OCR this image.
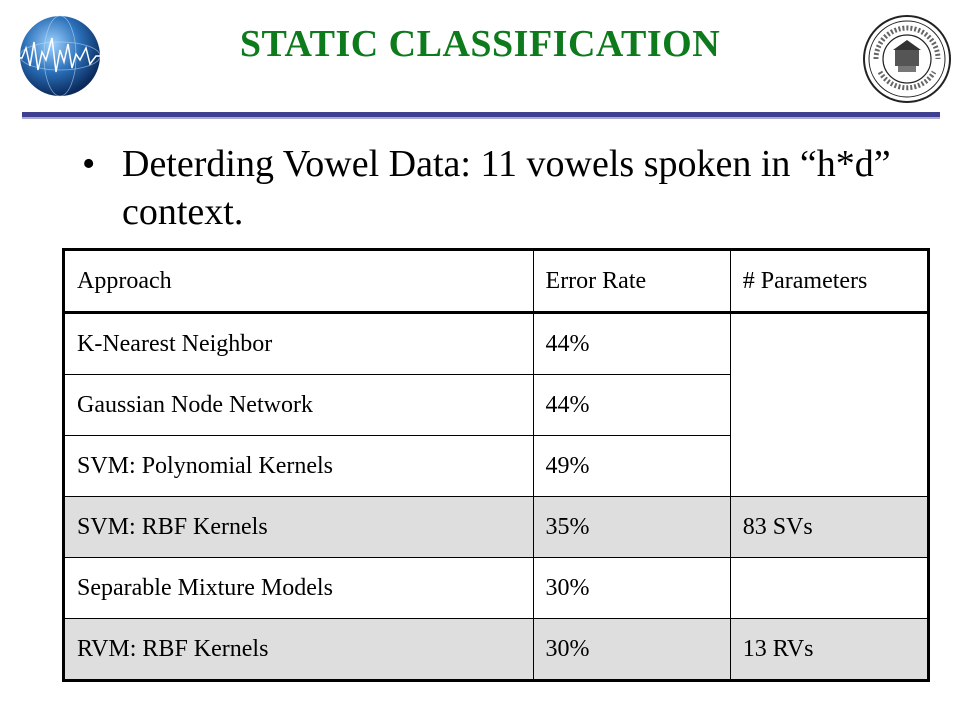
STATIC CLASSIFICATION
• Deterding Vowel Data: 11 vowels spoken in “h*d” context.
Approach	Error Rate	# Parameters
K-Nearest Neighbor	44%	
Gaussian Node Network	44%	
SVM: Polynomial Kernels	49%	
SVM: RBF Kernels	35%	83 SVs
Separable Mixture Models	30%	
RVM: RBF Kernels	30%	13 RVs
